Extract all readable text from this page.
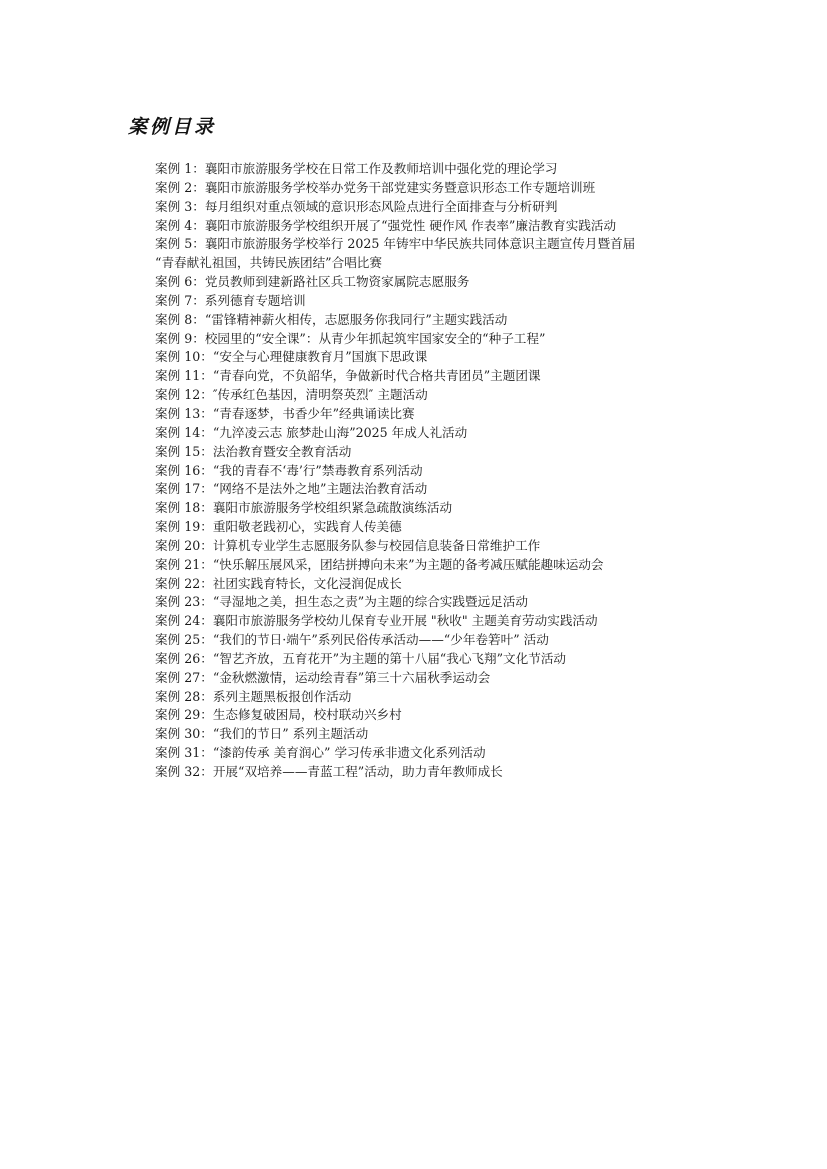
案例目录
案例 1：襄阳市旅游服务学校在日常工作及教师培训中强化党的理论学习
案例 2：襄阳市旅游服务学校举办党务干部党建实务暨意识形态工作专题培训班
案例 3：每月组织对重点领域的意识形态风险点进行全面排查与分析研判
案例 4：襄阳市旅游服务学校组织开展了“强党性 硬作风 作表率”廉洁教育实践活动
案例 5：襄阳市旅游服务学校举行 2025 年铸牢中华民族共同体意识主题宣传月暨首届
“青春献礼祖国，共铸民族团结”合唱比赛
案例 6：党员教师到建新路社区兵工物资家属院志愿服务
案例 7：系列德育专题培训
案例 8：“雷锋精神薪火相传，志愿服务你我同行”主题实践活动
案例 9：校园里的“安全课”：从青少年抓起筑牢国家安全的“种子工程”
案例 10：“安全与心理健康教育月”国旗下思政课
案例 11：“青春向党，不负韶华，争做新时代合格共青团员”主题团课
案例 12：″传承红色基因，清明祭英烈″ 主题活动
案例 13：“青春逐梦，书香少年”经典诵读比赛
案例 14：“九淬凌云志 旅梦赴山海”2025 年成人礼活动
案例 15：法治教育暨安全教育活动
案例 16：“我的青春不‘毒’行”禁毒教育系列活动
案例 17：“网络不是法外之地”主题法治教育活动
案例 18：襄阳市旅游服务学校组织紧急疏散演练活动
案例 19：重阳敬老践初心，实践育人传美德
案例 20：计算机专业学生志愿服务队参与校园信息装备日常维护工作
案例 21：“快乐解压展风采，团结拼搏向未来”为主题的备考减压赋能趣味运动会
案例 22：社团实践育特长，文化浸润促成长
案例 23：“寻湿地之美，担生态之责”为主题的综合实践暨远足活动
案例 24：襄阳市旅游服务学校幼儿保育专业开展 "秋收" 主题美育劳动实践活动
案例 25：“我们的节日·端午”系列民俗传承活动——“少年卷箬叶” 活动
案例 26：“智艺齐放，五育花开”为主题的第十八届“我心飞翔”文化节活动
案例 27：“金秋燃激情，运动绘青春”第三十六届秋季运动会
案例 28：系列主题黑板报创作活动
案例 29：生态修复破困局，校村联动兴乡村
案例 30：“我们的节日” 系列主题活动
案例 31：“漆韵传承 美育润心” 学习传承非遗文化系列活动
案例 32：开展“双培养——青蓝工程”活动，助力青年教师成长
